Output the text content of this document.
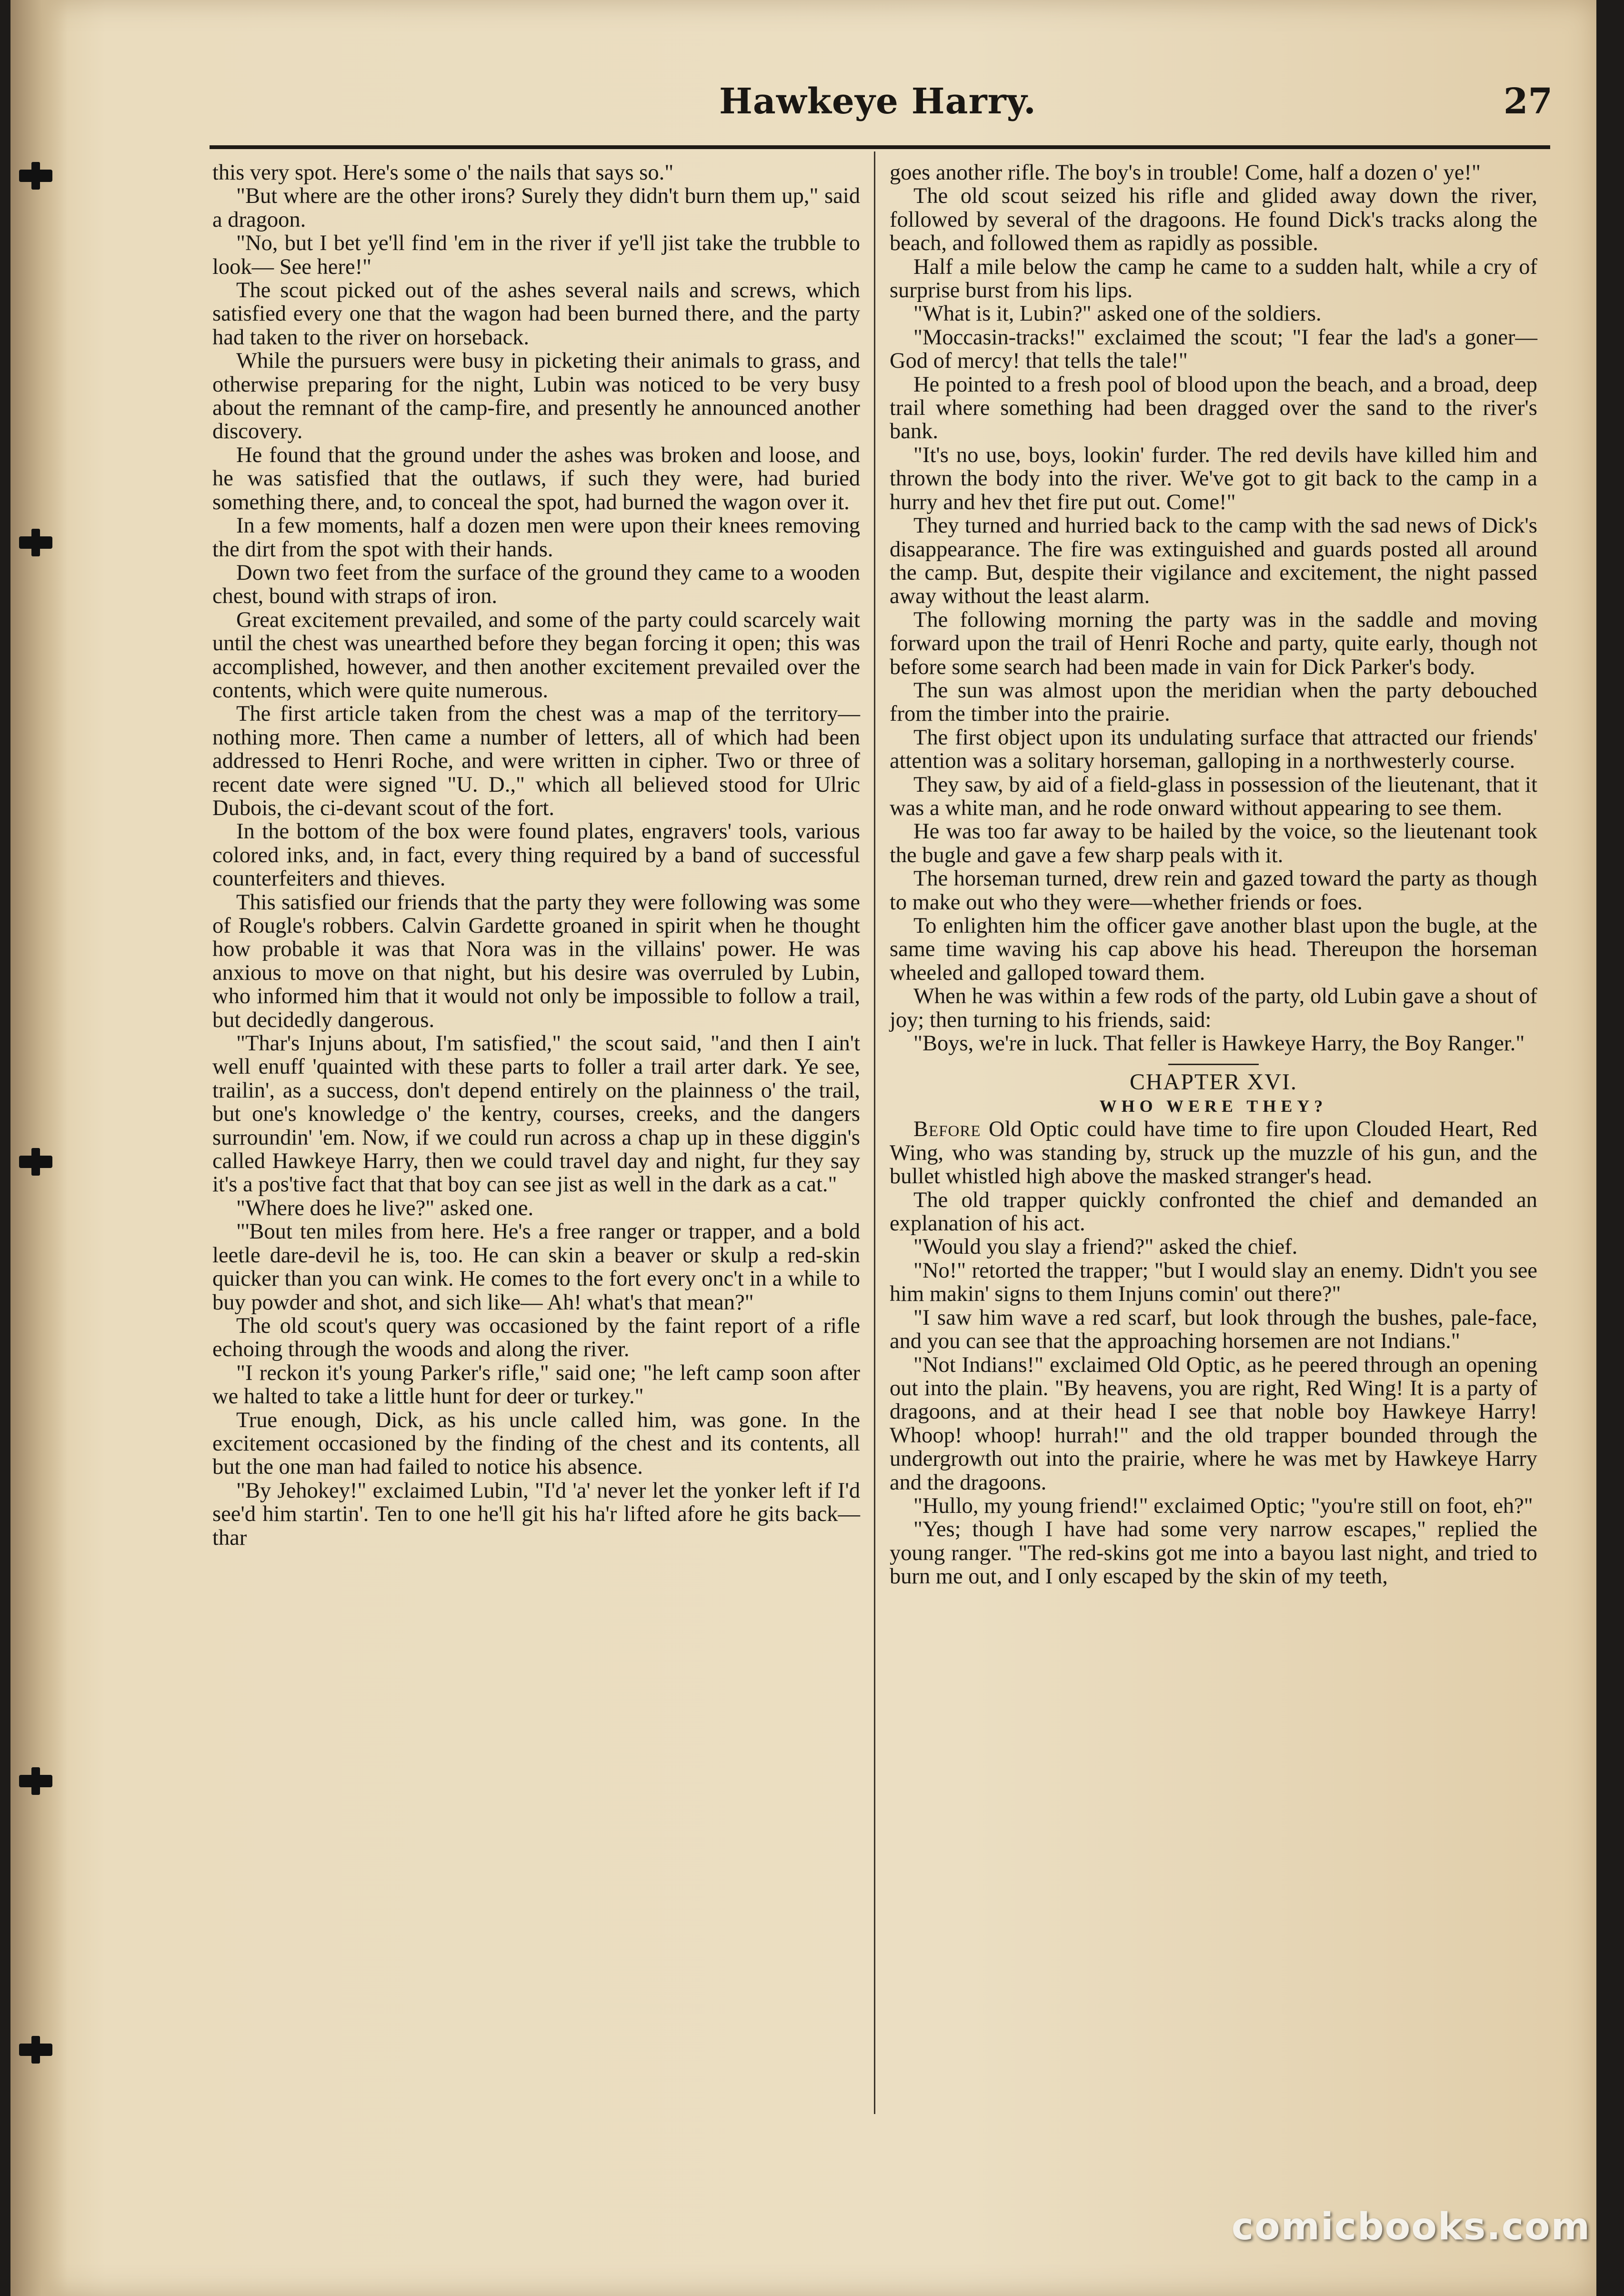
Hawkeye Harry.	27

this very spot. Here's some o' the nails that says so."

"But where are the other irons? Surely they didn't burn them up," said a dragoon.

"No, but I bet ye'll find 'em in the river if ye'll jist take the trubble to look— See here!"

The scout picked out of the ashes several nails and screws, which satisfied every one that the wagon had been burned there, and the party had taken to the river on horseback.

While the pursuers were busy in picketing their animals to grass, and otherwise preparing for the night, Lubin was noticed to be very busy about the remnant of the camp-fire, and presently he announced another discovery.

He found that the ground under the ashes was broken and loose, and he was satisfied that the outlaws, if such they were, had buried something there, and, to conceal the spot, had burned the wagon over it.

In a few moments, half a dozen men were upon their knees removing the dirt from the spot with their hands.

Down two feet from the surface of the ground they came to a wooden chest, bound with straps of iron.

Great excitement prevailed, and some of the party could scarcely wait until the chest was unearthed before they began forcing it open; this was accomplished, however, and then another excitement prevailed over the contents, which were quite numerous.

The first article taken from the chest was a map of the territory—nothing more. Then came a number of letters, all of which had been addressed to Henri Roche, and were written in cipher. Two or three of recent date were signed "U. D.," which all believed stood for Ulric Dubois, the ci-devant scout of the fort.

In the bottom of the box were found plates, engravers' tools, various colored inks, and, in fact, every thing required by a band of successful counterfeiters and thieves.

This satisfied our friends that the party they were following was some of Rougle's robbers. Calvin Gardette groaned in spirit when he thought how probable it was that Nora was in the villains' power. He was anxious to move on that night, but his desire was overruled by Lubin, who informed him that it would not only be impossible to follow a trail, but decidedly dangerous.

"Thar's Injuns about, I'm satisfied," the scout said, "and then I ain't well enuff 'quainted with these parts to foller a trail arter dark. Ye see, trailin', as a success, don't depend entirely on the plainness o' the trail, but one's knowledge o' the kentry, courses, creeks, and the dangers surroundin' 'em. Now, if we could run across a chap up in these diggin's called Hawkeye Harry, then we could travel day and night, fur they say it's a pos'tive fact that that boy can see jist as well in the dark as a cat."

"Where does he live?" asked one.

"'Bout ten miles from here. He's a free ranger or trapper, and a bold leetle dare-devil he is, too. He can skin a beaver or skulp a red-skin quicker than you can wink. He comes to the fort every onc't in a while to buy powder and shot, and sich like— Ah! what's that mean?"

The old scout's query was occasioned by the faint report of a rifle echoing through the woods and along the river.

"I reckon it's young Parker's rifle," said one; "he left camp soon after we halted to take a little hunt for deer or turkey."

True enough, Dick, as his uncle called him, was gone. In the excitement occasioned by the finding of the chest and its contents, all but the one man had failed to notice his absence.

"By Jehokey!" exclaimed Lubin, "I'd 'a' never let the yonker left if I'd see'd him startin'. Ten to one he'll git his ha'r lifted afore he gits back—thar

goes another rifle. The boy's in trouble! Come, half a dozen o' ye!"

The old scout seized his rifle and glided away down the river, followed by several of the dragoons. He found Dick's tracks along the beach, and followed them as rapidly as possible.

Half a mile below the camp he came to a sudden halt, while a cry of surprise burst from his lips.

"What is it, Lubin?" asked one of the soldiers.

"Moccasin-tracks!" exclaimed the scout; "I fear the lad's a goner— God of mercy! that tells the tale!"

He pointed to a fresh pool of blood upon the beach, and a broad, deep trail where something had been dragged over the sand to the river's bank.

"It's no use, boys, lookin' furder. The red devils have killed him and thrown the body into the river. We've got to git back to the camp in a hurry and hev thet fire put out. Come!"

They turned and hurried back to the camp with the sad news of Dick's disappearance. The fire was extinguished and guards posted all around the camp. But, despite their vigilance and excitement, the night passed away without the least alarm.

The following morning the party was in the saddle and moving forward upon the trail of Henri Roche and party, quite early, though not before some search had been made in vain for Dick Parker's body.

The sun was almost upon the meridian when the party debouched from the timber into the prairie.

The first object upon its undulating surface that attracted our friends' attention was a solitary horseman, galloping in a northwesterly course.

They saw, by aid of a field-glass in possession of the lieutenant, that it was a white man, and he rode onward without appearing to see them.

He was too far away to be hailed by the voice, so the lieutenant took the bugle and gave a few sharp peals with it.

The horseman turned, drew rein and gazed toward the party as though to make out who they were—whether friends or foes.

To enlighten him the officer gave another blast upon the bugle, at the same time waving his cap above his head. Thereupon the horseman wheeled and galloped toward them.

When he was within a few rods of the party, old Lubin gave a shout of joy; then turning to his friends, said:

"Boys, we're in luck. That feller is Hawkeye Harry, the Boy Ranger."

CHAPTER XVI.
WHO WERE THEY?

Before Old Optic could have time to fire upon Clouded Heart, Red Wing, who was standing by, struck up the muzzle of his gun, and the bullet whistled high above the masked stranger's head.

The old trapper quickly confronted the chief and demanded an explanation of his act.

"Would you slay a friend?" asked the chief.

"No!" retorted the trapper; "but I would slay an enemy. Didn't you see him makin' signs to them Injuns comin' out there?"

"I saw him wave a red scarf, but look through the bushes, pale-face, and you can see that the approaching horsemen are not Indians."

"Not Indians!" exclaimed Old Optic, as he peered through an opening out into the plain. "By heavens, you are right, Red Wing! It is a party of dragoons, and at their head I see that noble boy Hawkeye Harry! Whoop! whoop! hurrah!" and the old trapper bounded through the undergrowth out into the prairie, where he was met by Hawkeye Harry and the dragoons.

"Hullo, my young friend!" exclaimed Optic; "you're still on foot, eh?"

"Yes; though I have had some very narrow escapes," replied the young ranger. "The red-skins got me into a bayou last night, and tried to burn me out, and I only escaped by the skin of my teeth,

comicbooks.com
